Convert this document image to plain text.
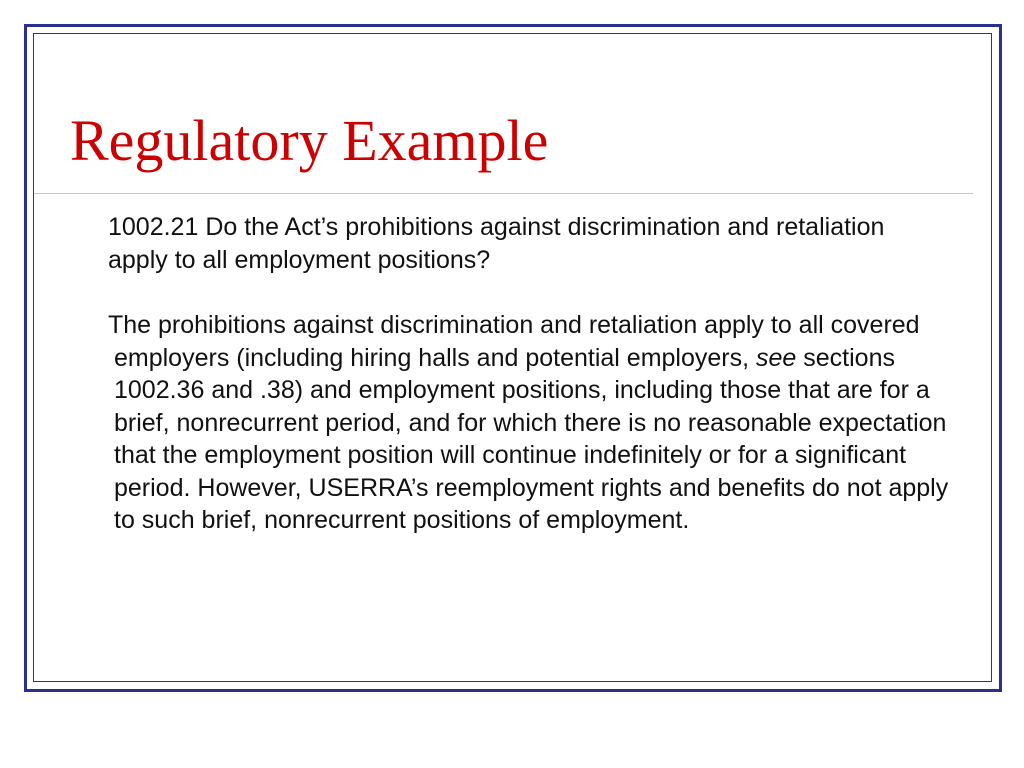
Regulatory Example

1002.21 Do the Act’s prohibitions against discrimination and retaliation apply to all employment positions?

The prohibitions against discrimination and retaliation apply to all covered employers (including hiring halls and potential employers, see sections 1002.36 and .38) and employment positions, including those that are for a brief, nonrecurrent period, and for which there is no reasonable expectation that the employment position will continue indefinitely or for a significant period. However, USERRA’s reemployment rights and benefits do not apply to such brief, nonrecurrent positions of employment.
